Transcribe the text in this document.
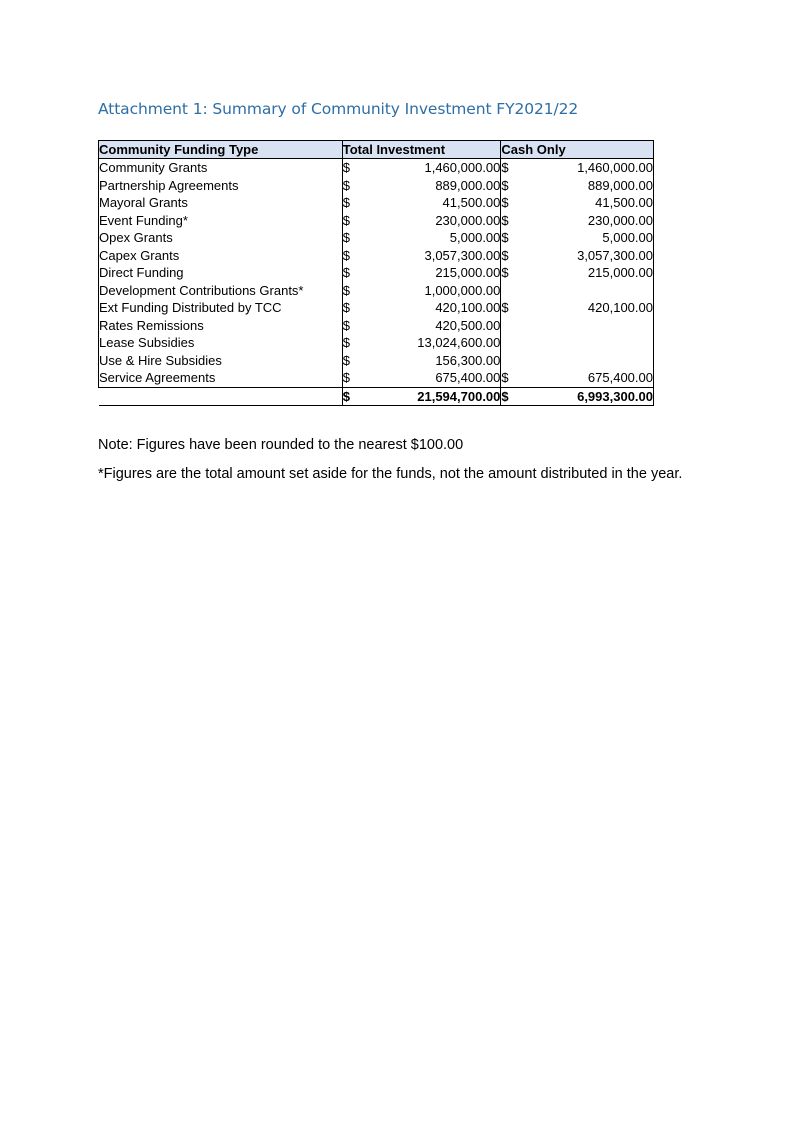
Attachment 1: Summary of Community Investment FY2021/22
Community Funding Type	Total Investment		Cash Only	
Community Grants	$	1,460,000.00	$	1,460,000.00
Partnership Agreements	$	889,000.00	$	889,000.00
Mayoral Grants	$	41,500.00	$	41,500.00
Event Funding*	$	230,000.00	$	230,000.00
Opex Grants	$	5,000.00	$	5,000.00
Capex Grants	$	3,057,300.00	$	3,057,300.00
Direct Funding	$	215,000.00	$	215,000.00
Development Contributions Grants*	$	1,000,000.00		
Ext Funding Distributed by TCC	$	420,100.00	$	420,100.00
Rates Remissions	$	420,500.00		
Lease Subsidies	$	13,024,600.00		
Use & Hire Subsidies	$	156,300.00		
Service Agreements	$	675,400.00	$	675,400.00
	$	21,594,700.00	$	6,993,300.00
Note: Figures have been rounded to the nearest $100.00
*Figures are the total amount set aside for the funds, not the amount distributed in the year.
